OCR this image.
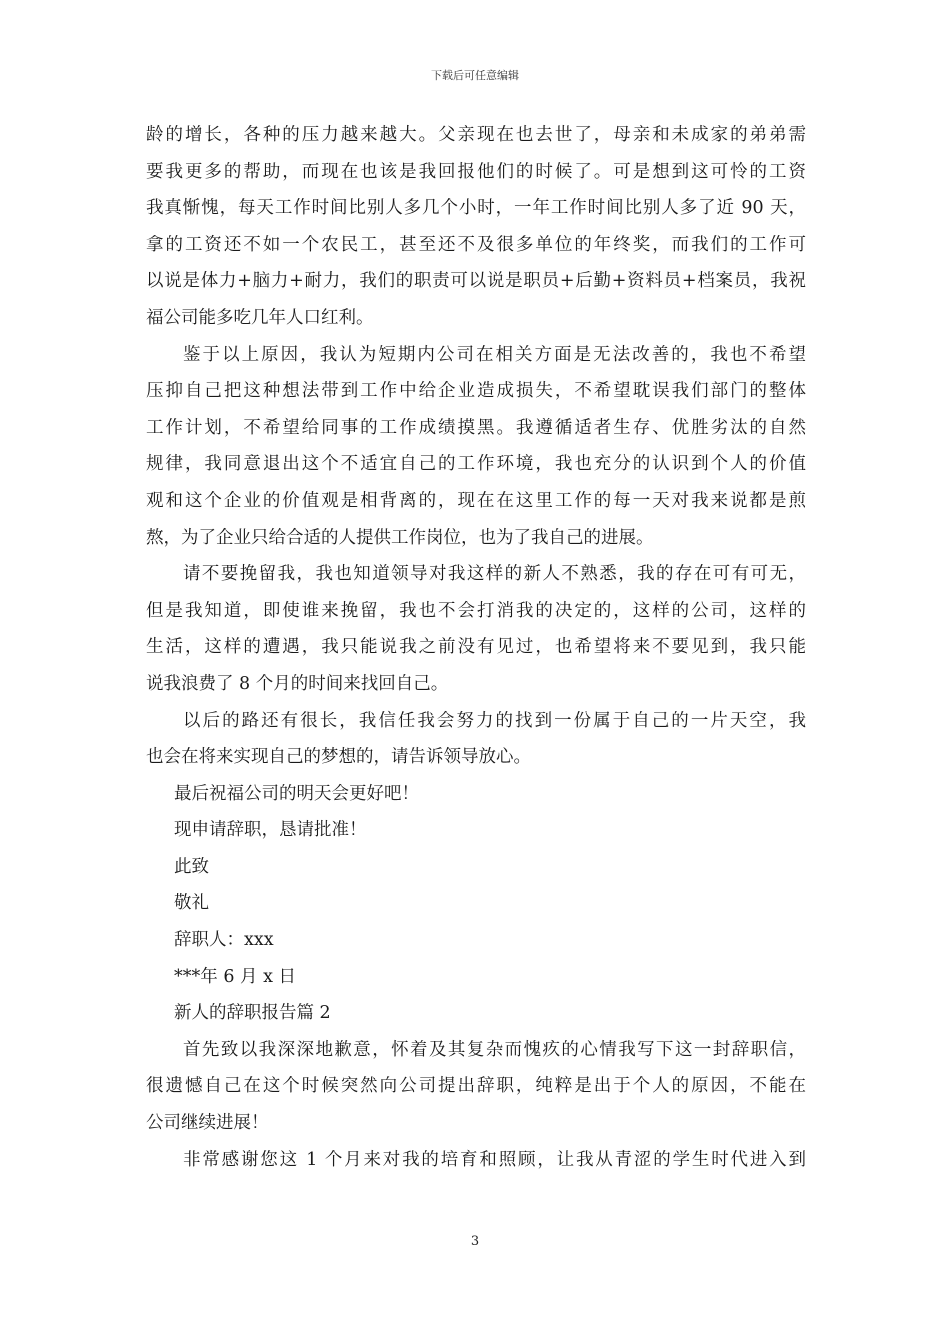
下载后可任意编辑
龄的增长，各种的压力越来越大。父亲现在也去世了，母亲和未成家的弟弟需
要我更多的帮助，而现在也该是我回报他们的时候了。可是想到这可怜的工资
我真惭愧，每天工作时间比别人多几个小时，一年工作时间比别人多了近 90 天，
拿的工资还不如一个农民工，甚至还不及很多单位的年终奖，而我们的工作可
以说是体力+脑力+耐力，我们的职责可以说是职员+后勤+资料员+档案员，我祝
福公司能多吃几年人口红利。
鉴于以上原因，我认为短期内公司在相关方面是无法改善的，我也不希望
压抑自己把这种想法带到工作中给企业造成损失，不希望耽误我们部门的整体
工作计划，不希望给同事的工作成绩摸黑。我遵循适者生存、优胜劣汰的自然
规律，我同意退出这个不适宜自己的工作环境，我也充分的认识到个人的价值
观和这个企业的价值观是相背离的，现在在这里工作的每一天对我来说都是煎
熬，为了企业只给合适的人提供工作岗位，也为了我自己的进展。
请不要挽留我，我也知道领导对我这样的新人不熟悉，我的存在可有可无，
但是我知道，即使谁来挽留，我也不会打消我的决定的，这样的公司，这样的
生活，这样的遭遇，我只能说我之前没有见过，也希望将来不要见到，我只能
说我浪费了 8 个月的时间来找回自己。
以后的路还有很长，我信任我会努力的找到一份属于自己的一片天空，我
也会在将来实现自己的梦想的，请告诉领导放心。
最后祝福公司的明天会更好吧！
现申请辞职，恳请批准！
此致
敬礼
辞职人：xxx
***年 6 月 x 日
新人的辞职报告篇 2
首先致以我深深地歉意，怀着及其复杂而愧疚的心情我写下这一封辞职信，
很遗憾自己在这个时候突然向公司提出辞职，纯粹是出于个人的原因，不能在
公司继续进展！
非常感谢您这 1 个月来对我的培育和照顾，让我从青涩的学生时代进入到
3
